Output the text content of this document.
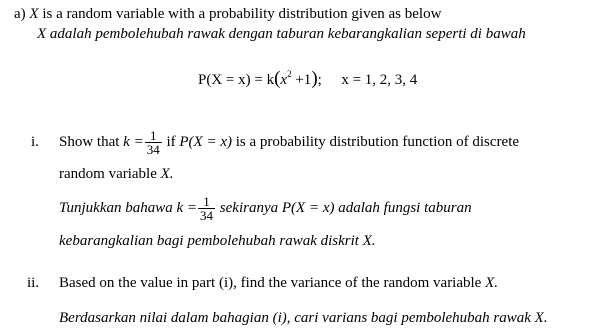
a) X is a random variable with a probability distribution given as below
X adalah pembolehubah rawak dengan taburan kebarangkalian seperti di bawah
$P(X = x) = k(x^2 +1)$; x = 1, 2, 3, 4
i. Show that $k = \frac{1}{34}$ if P(X = x) is a probability distribution function of discrete
random variable X.
Tunjukkan bahawa $k = \frac{1}{34}$ sekiranya P(X = x) adalah fungsi taburan
kebarangkalian bagi pembolehubah rawak diskrit X.
ii. Based on the value in part (i), find the variance of the random variable X.
Berdasarkan nilai dalam bahagian (i), cari varians bagi pembolehubah rawak X.
